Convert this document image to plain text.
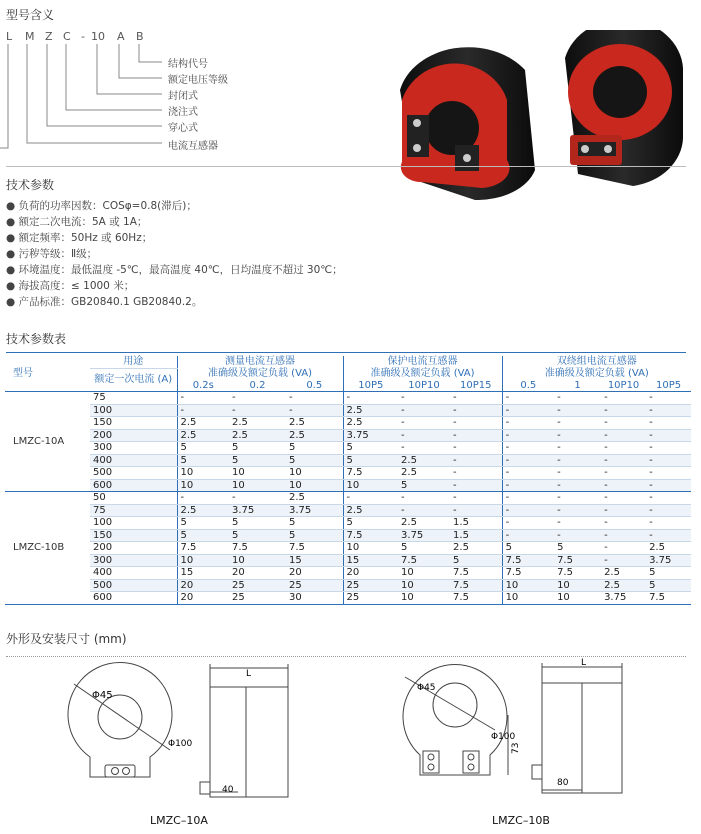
型号含义
L M Z C - 10 A B
结构代号
额定电压等级
封闭式
浇注式
穿心式
电流互感器
技术参数
● 负荷的功率因数：COSφ=0.8(滞后)；
● 额定二次电流：5A 或 1A；
● 额定频率：50Hz 或 60Hz；
● 污秽等级：Ⅱ级；
● 环境温度：最低温度 -5℃，最高温度 40℃，日均温度不超过 30℃；
● 海拔高度：≤ 1000 米；
● 产品标准：GB20840.1 GB20840.2。
技术参数表
型号	用途	测量电流互感器			保护电流互感器			双绕组电流互感器			
	额定一次电流 (A)	准确级及额定负载 (VA)			准确级及额定负载 (VA)			准确级及额定负载 (VA)			
		0.2s	0.2	0.5	10P5	10P10	10P15	0.5	1	10P10	10P5
LMZC-10A	75	-	-	-	-	-	-	-	-	-	-
	100	-	-	-	2.5	-	-	-	-	-	-
	150	2.5	2.5	2.5	2.5	-	-	-	-	-	-
	200	2.5	2.5	2.5	3.75	-	-	-	-	-	-
	300	5	5	5	5	-	-	-	-	-	-
	400	5	5	5	5	2.5	-	-	-	-	-
	500	10	10	10	7.5	2.5	-	-	-	-	-
	600	10	10	10	10	5	-	-	-	-	-
LMZC-10B	50	-	-	2.5	-	-	-	-	-	-	-
	75	2.5	3.75	3.75	2.5	-	-	-	-	-	-
	100	5	5	5	5	2.5	1.5	-	-	-	-
	150	5	5	5	7.5	3.75	1.5	-	-	-	-
	200	7.5	7.5	7.5	10	5	2.5	5	5	-	2.5
	300	10	10	15	15	7.5	5	7.5	7.5	-	3.75
	400	15	20	20	20	10	7.5	7.5	7.5	2.5	5
	500	20	25	25	25	10	7.5	10	10	2.5	5
	600	20	25	30	25	10	7.5	10	10	3.75	7.5
外形及安装尺寸 (mm)
Φ45
Φ100
L
40
LMZC–10A
Φ45
Φ100
L
80
73
LMZC–10B
